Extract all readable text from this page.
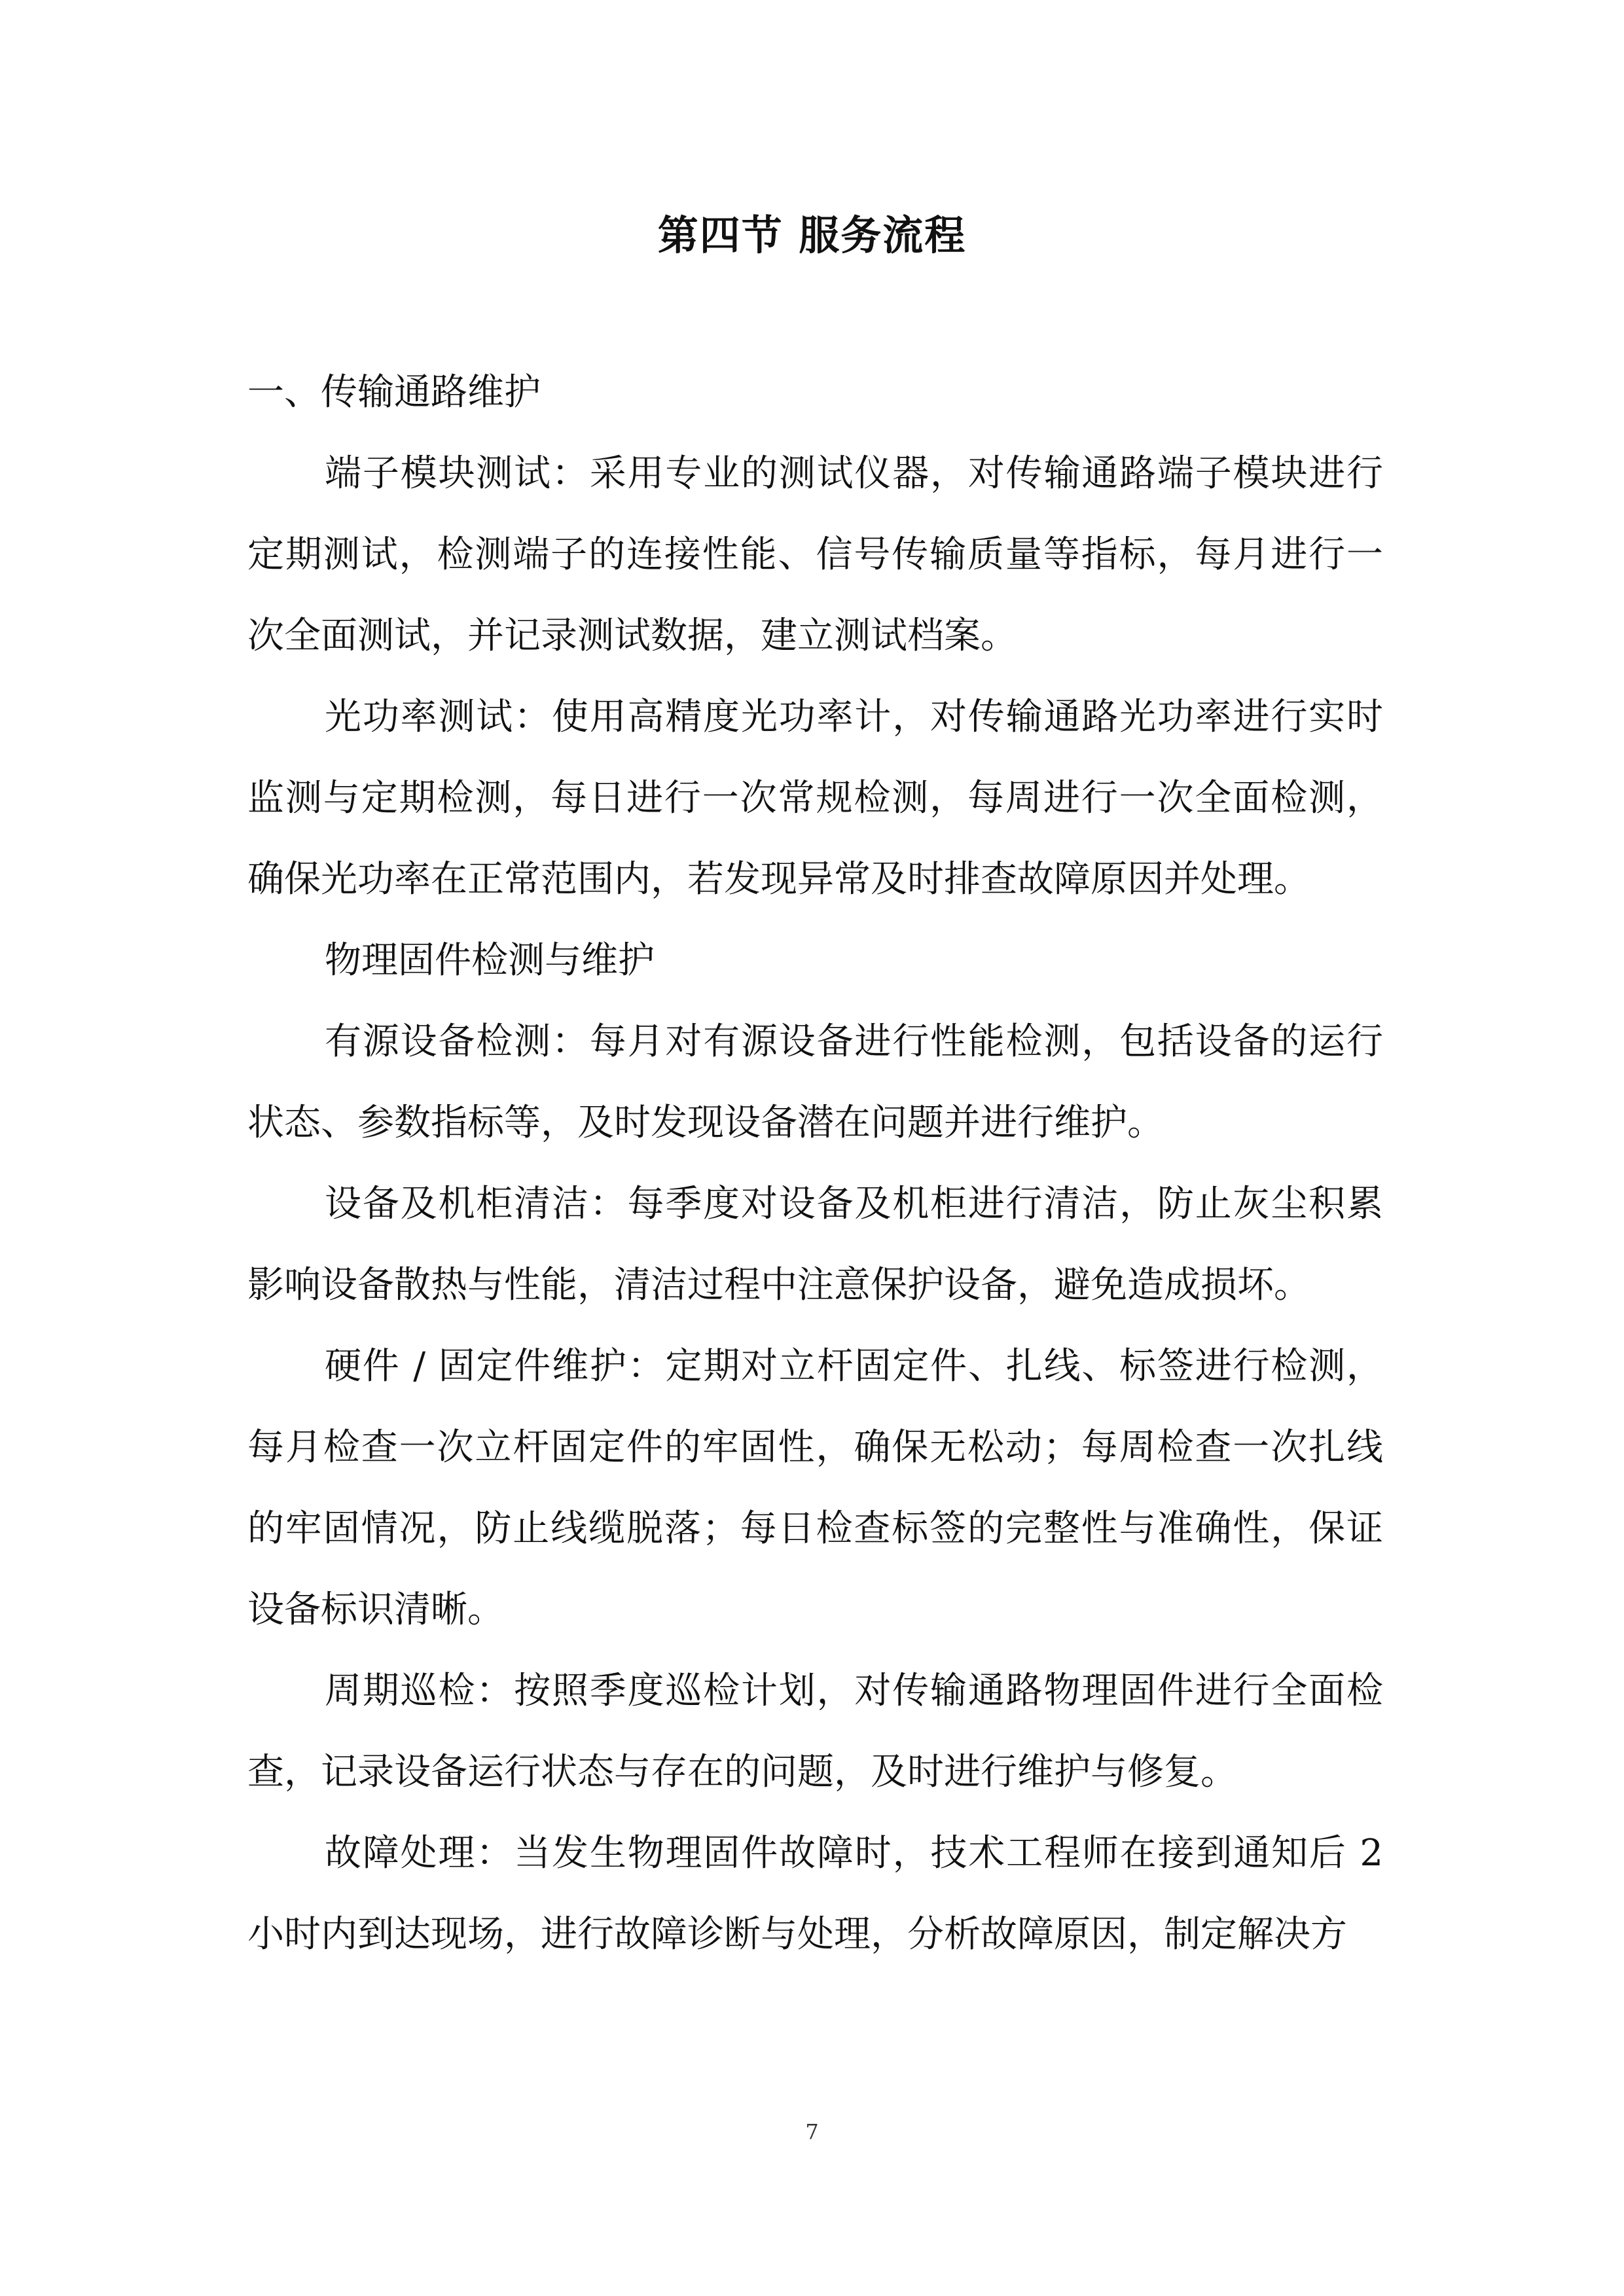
第四节 服务流程

一、传输通路维护

端子模块测试：采用专业的测试仪器，对传输通路端子模块进行定期测试，检测端子的连接性能、信号传输质量等指标，每月进行一次全面测试，并记录测试数据，建立测试档案。

光功率测试：使用高精度光功率计，对传输通路光功率进行实时监测与定期检测，每日进行一次常规检测，每周进行一次全面检测，确保光功率在正常范围内，若发现异常及时排查故障原因并处理。

物理固件检测与维护

有源设备检测：每月对有源设备进行性能检测，包括设备的运行状态、参数指标等，及时发现设备潜在问题并进行维护。

设备及机柜清洁：每季度对设备及机柜进行清洁，防止灰尘积累影响设备散热与性能，清洁过程中注意保护设备，避免造成损坏。

硬件 / 固定件维护：定期对立杆固定件、扎线、标签进行检测，每月检查一次立杆固定件的牢固性，确保无松动；每周检查一次扎线的牢固情况，防止线缆脱落；每日检查标签的完整性与准确性，保证设备标识清晰。

周期巡检：按照季度巡检计划，对传输通路物理固件进行全面检查，记录设备运行状态与存在的问题，及时进行维护与修复。

故障处理：当发生物理固件故障时，技术工程师在接到通知后 2 小时内到达现场，进行故障诊断与处理，分析故障原因，制定解决方

7
